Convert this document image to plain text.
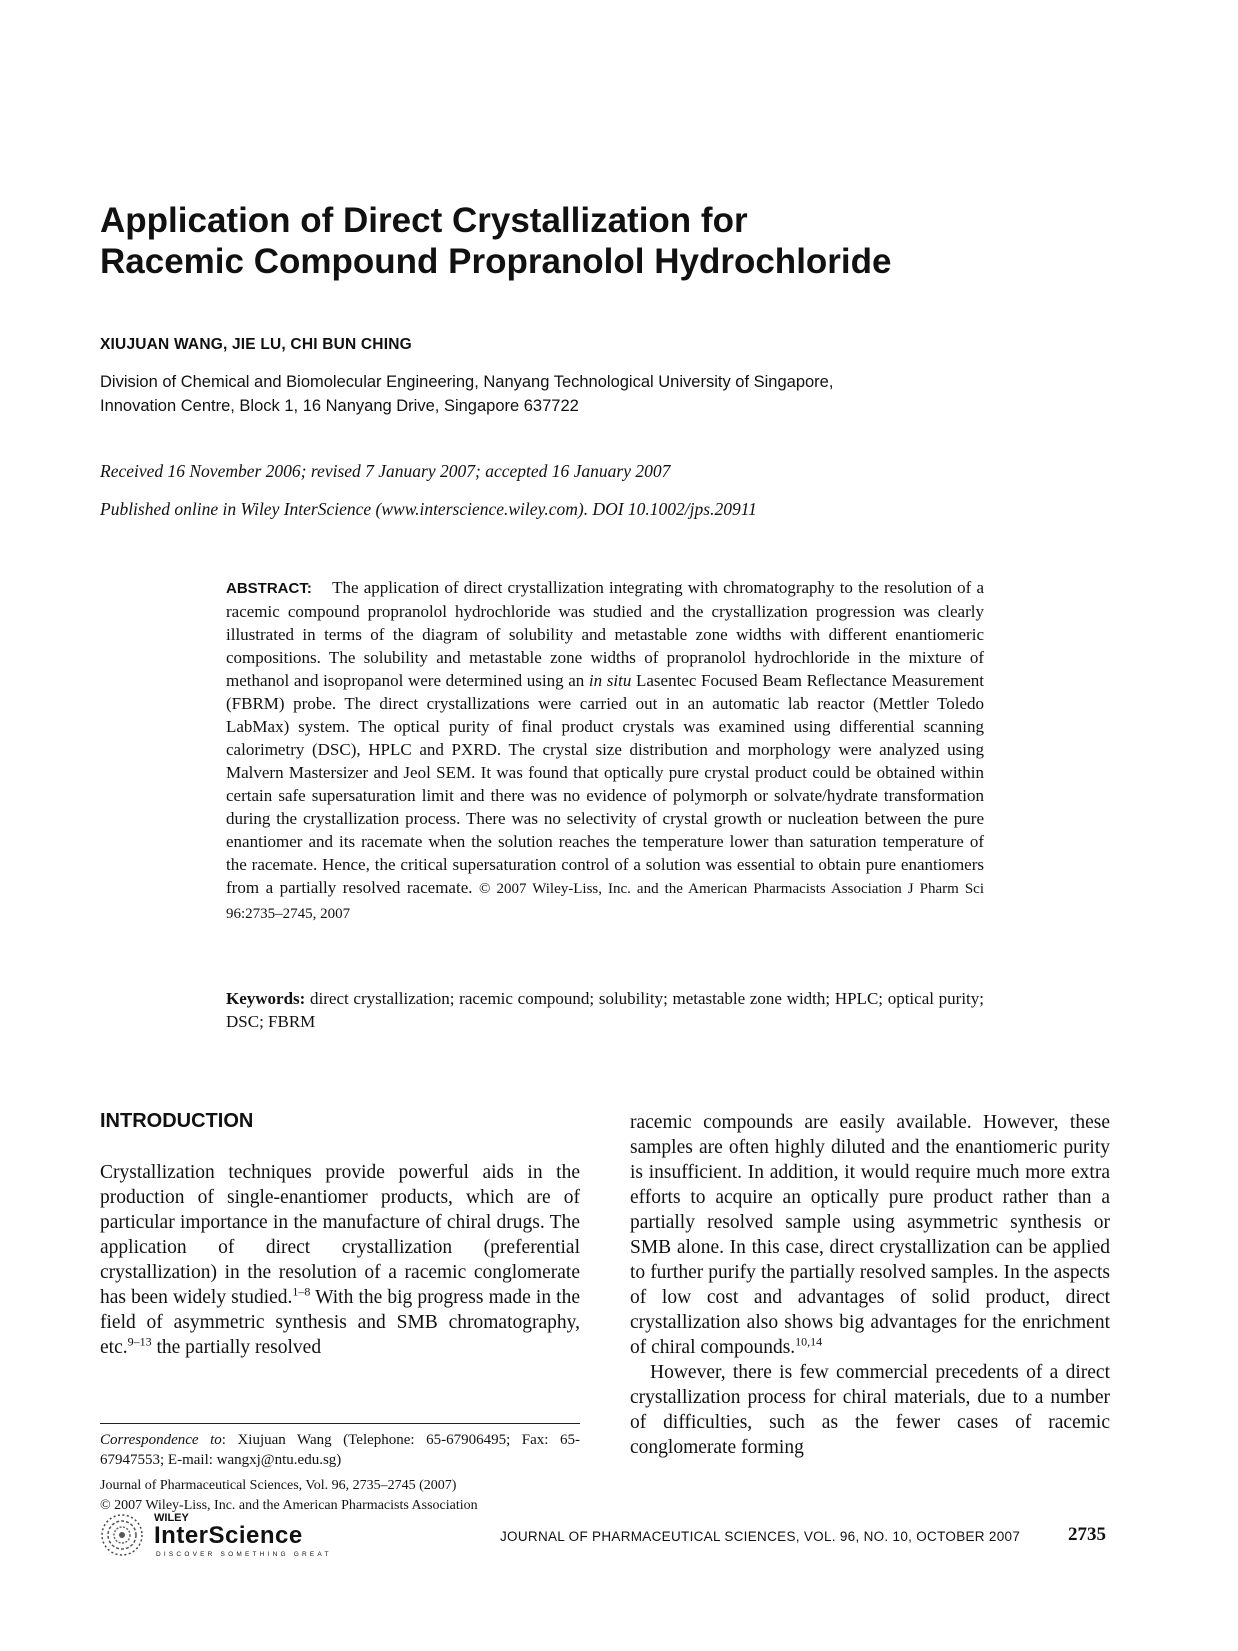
Application of Direct Crystallization for
Racemic Compound Propranolol Hydrochloride
XIUJUAN WANG, JIE LU, CHI BUN CHING
Division of Chemical and Biomolecular Engineering, Nanyang Technological University of Singapore,
Innovation Centre, Block 1, 16 Nanyang Drive, Singapore 637722
Received 16 November 2006; revised 7 January 2007; accepted 16 January 2007
Published online in Wiley InterScience (www.interscience.wiley.com). DOI 10.1002/jps.20911

ABSTRACT: The application of direct crystallization integrating with chromatography to the resolution of a racemic compound propranolol hydrochloride was studied and the crystallization progression was clearly illustrated in terms of the diagram of solubility and metastable zone widths with different enantiomeric compositions. The solubility and metastable zone widths of propranolol hydrochloride in the mixture of methanol and isopropanol were determined using an in situ Lasentec Focused Beam Reflectance Measurement (FBRM) probe. The direct crystallizations were carried out in an automatic lab reactor (Mettler Toledo LabMax) system. The optical purity of final product crystals was examined using differential scanning calorimetry (DSC), HPLC and PXRD. The crystal size distribution and morphology were analyzed using Malvern Mastersizer and Jeol SEM. It was found that optically pure crystal product could be obtained within certain safe supersaturation limit and there was no evidence of polymorph or solvate/hydrate transformation during the crystallization process. There was no selectivity of crystal growth or nucleation between the pure enantiomer and its racemate when the solution reaches the temperature lower than saturation temperature of the racemate. Hence, the critical supersaturation control of a solution was essential to obtain pure enantiomers from a partially resolved racemate. © 2007 Wiley-Liss, Inc. and the American Pharmacists Association J Pharm Sci 96:2735–2745, 2007

Keywords: direct crystallization; racemic compound; solubility; metastable zone width; HPLC; optical purity; DSC; FBRM

INTRODUCTION

Crystallization techniques provide powerful aids in the production of single-enantiomer products, which are of particular importance in the manufacture of chiral drugs. The application of direct crystallization (preferential crystallization) in the resolution of a racemic conglomerate has been widely studied.$^{1-8}$ With the big progress made in the field of asymmetric synthesis and SMB chromatography, etc.$^{9-13}$ the partially resolved

racemic compounds are easily available. However, these samples are often highly diluted and the enantiomeric purity is insufficient. In addition, it would require much more extra efforts to acquire an optically pure product rather than a partially resolved sample using asymmetric synthesis or SMB alone. In this case, direct crystallization can be applied to further purify the partially resolved samples. In the aspects of low cost and advantages of solid product, direct crystallization also shows big advantages for the enrichment of chiral compounds.$^{10,14}$

However, there is few commercial precedents of a direct crystallization process for chiral materials, due to a number of difficulties, such as the fewer cases of racemic conglomerate forming

Correspondence to: Xiujuan Wang (Telephone: 65-67906495; Fax: 65-67947553; E-mail: wangxj@ntu.edu.sg)

Journal of Pharmaceutical Sciences, Vol. 96, 2735–2745 (2007)
© 2007 Wiley-Liss, Inc. and the American Pharmacists Association

WILEY
InterScience
DISCOVER SOMETHING GREAT
JOURNAL OF PHARMACEUTICAL SCIENCES, VOL. 96, NO. 10, OCTOBER 2007	2735
